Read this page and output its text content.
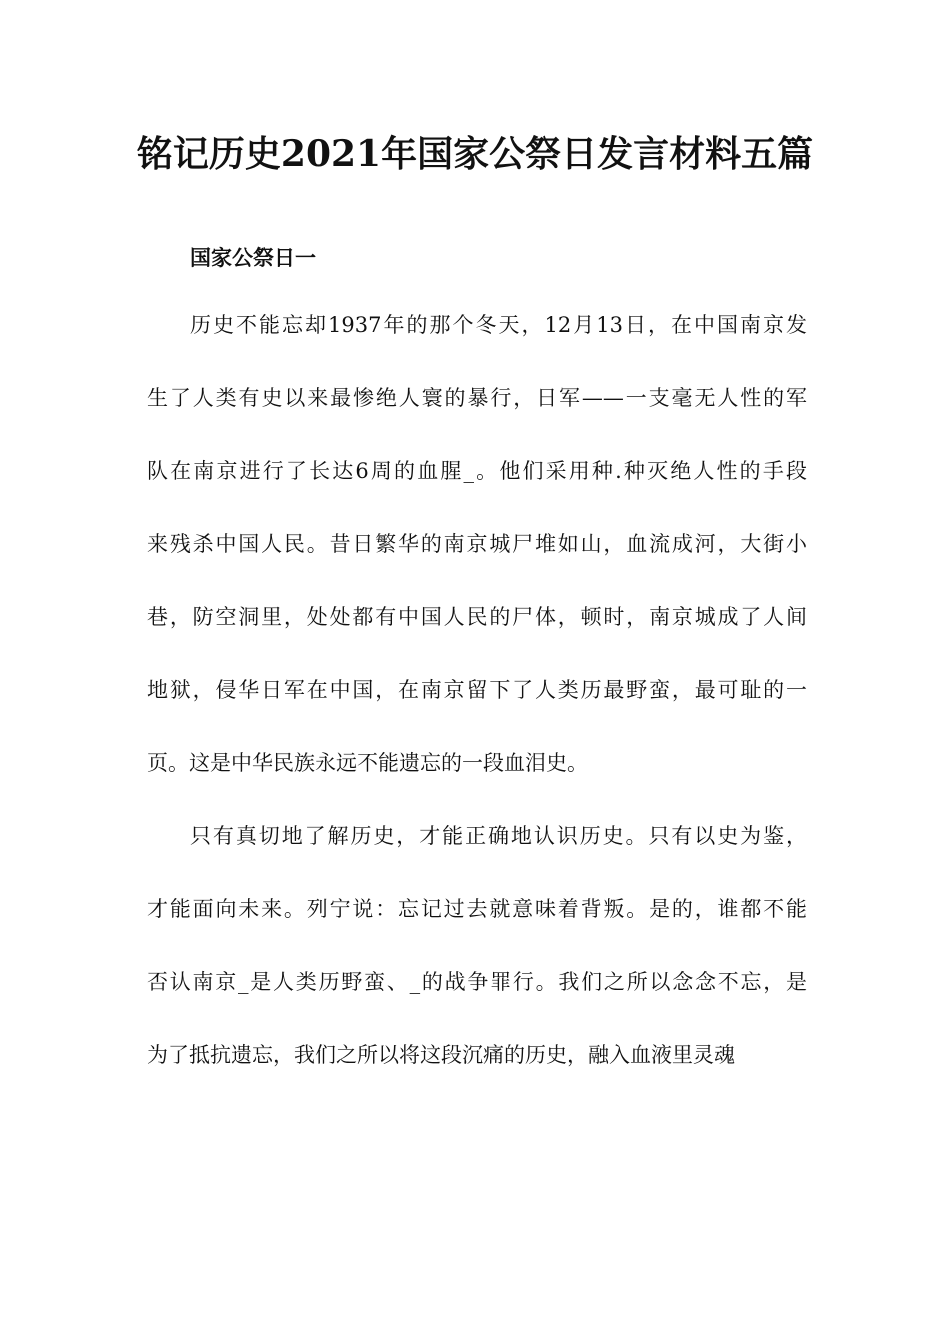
铭记历史2021年国家公祭日发言材料五篇
国家公祭日一
历史不能忘却1937年的那个冬天，12月13日，在中国南京发
生了人类有史以来最惨绝人寰的暴行，日军——一支毫无人性的军
队在南京进行了长达6周的血腥_。他们采用种.种灭绝人性的手段
来残杀中国人民。昔日繁华的南京城尸堆如山，血流成河，大街小
巷，防空洞里，处处都有中国人民的尸体，顿时，南京城成了人间
地狱，侵华日军在中国，在南京留下了人类历最野蛮，最可耻的一
页。这是中华民族永远不能遗忘的一段血泪史。
只有真切地了解历史，才能正确地认识历史。只有以史为鉴，
才能面向未来。列宁说：忘记过去就意味着背叛。是的，谁都不能
否认南京_是人类历野蛮、_的战争罪行。我们之所以念念不忘，是
为了抵抗遗忘，我们之所以将这段沉痛的历史，融入血液里灵魂
